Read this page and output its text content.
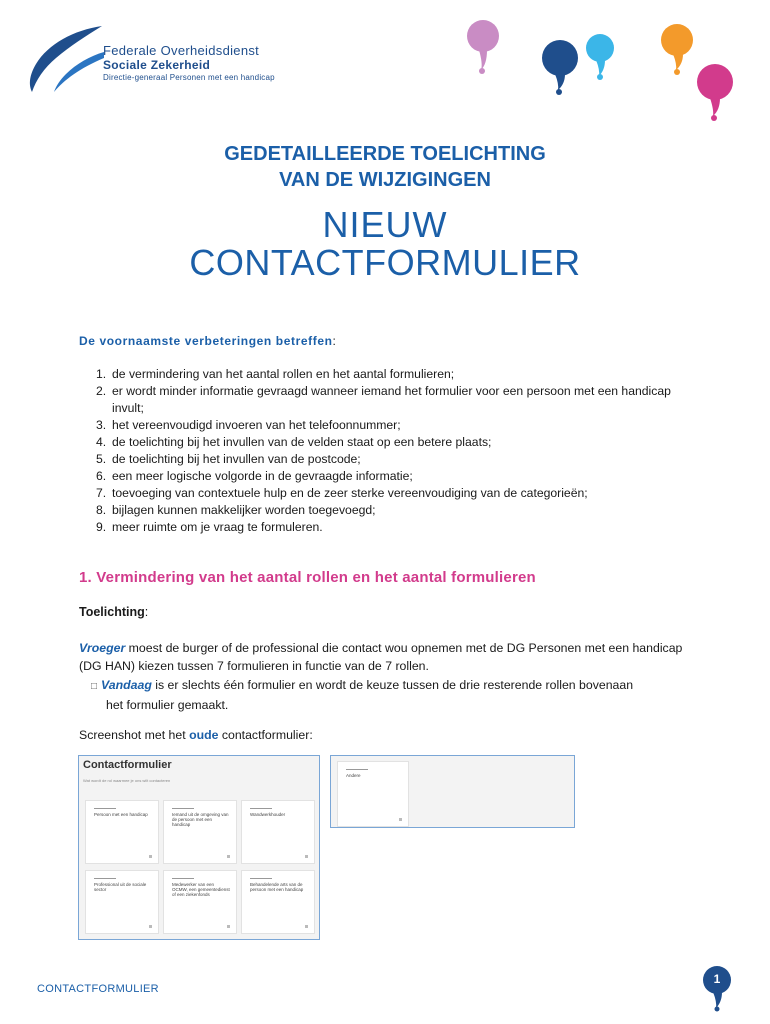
Federale Overheidsdienst
Sociale Zekerheid
Directie-generaal Personen met een handicap
GEDETAILLEERDE TOELICHTING
VAN DE WIJZIGINGEN
NIEUW
CONTACTFORMULIER
De voornaamste verbeteringen betreffen:
1. de vermindering van het aantal rollen en het aantal formulieren;
2. er wordt minder informatie gevraagd wanneer iemand het formulier voor een persoon met een handicap invult;
3. het vereenvoudigd invoeren van het telefoonnummer;
4. de toelichting bij het invullen van de velden staat op een betere plaats;
5. de toelichting bij het invullen van de postcode;
6. een meer logische volgorde in de gevraagde informatie;
7. toevoeging van contextuele hulp en de zeer sterke vereenvoudiging van de categorieën;
8. bijlagen kunnen makkelijker worden toegevoegd;
9. meer ruimte om je vraag te formuleren.
1. Vermindering van het aantal rollen en het aantal formulieren
Toelichting:
Vroeger moest de burger of de professional die contact wou opnemen met de DG Personen met een handicap (DG HAN) kiezen tussen 7 formulieren in functie van de 7 rollen.
□ Vandaag is er slechts één formulier en wordt de keuze tussen de drie resterende rollen bovenaan
het formulier gemaakt.
Screenshot met het oude contactformulier:
Contactformulier
Wat wordt de rol waarmee je ons wilt contacteren
Persoon met een handicap	Iemand uit de omgeving van de persoon met een handicap
Wandwerkhouder
Professional uit de sociale sector
Medewerker van een OCMW, een gemeentedienst of een ziekenfonds
Behandelende arts van de persoon met een handicap
Andere
CONTACTFORMULIER
1
